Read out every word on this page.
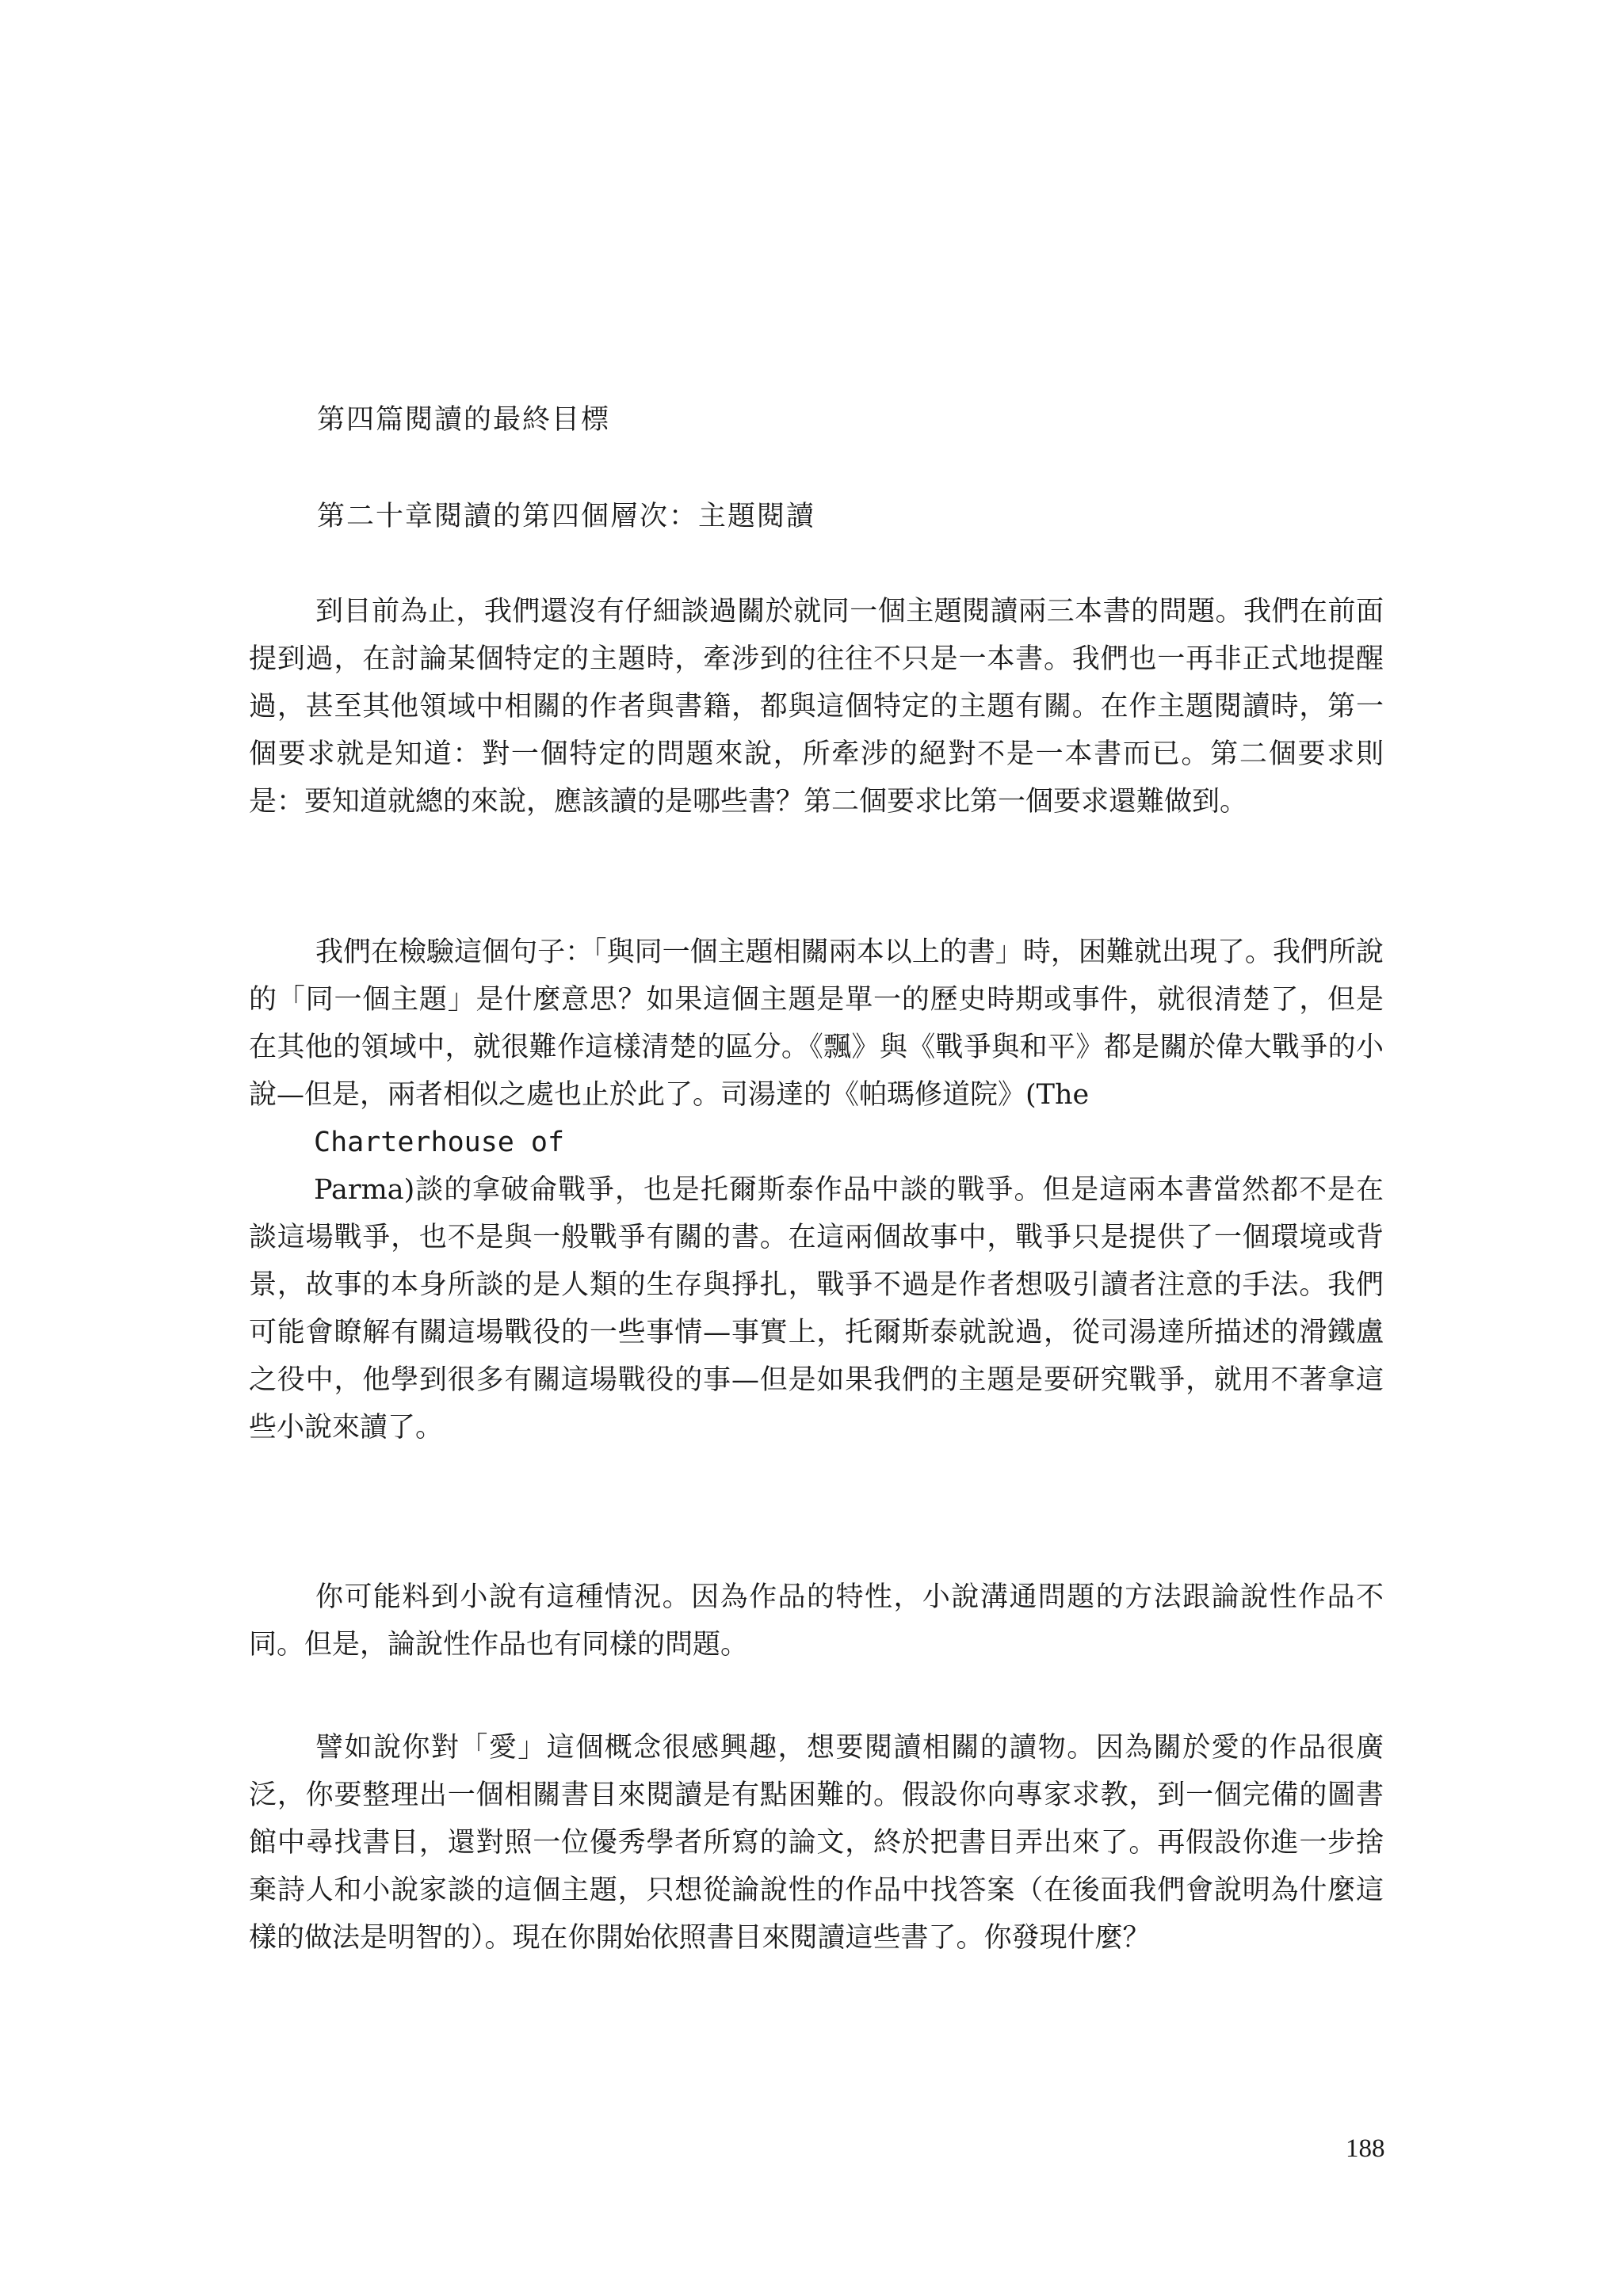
第四篇閱讀的最終目標
第二十章閱讀的第四個層次：主題閱讀

到目前為止，我們還沒有仔細談過關於就同一個主題閱讀兩三本書的問題。我們在前面提到過，在討論某個特定的主題時，牽涉到的往往不只是一本書。我們也一再非正式地提醒過，甚至其他領域中相關的作者與書籍，都與這個特定的主題有關。在作主題閱讀時，第一個要求就是知道：對一個特定的問題來說，所牽涉的絕對不是一本書而已。第二個要求則是：要知道就總的來說，應該讀的是哪些書？第二個要求比第一個要求還難做到。

我們在檢驗這個句子：「與同一個主題相關兩本以上的書」時，困難就出現了。我們所說的「同一個主題」是什麼意思？如果這個主題是單一的歷史時期或事件，就很清楚了，但是在其他的領域中，就很難作這樣清楚的區分。《飄》與《戰爭與和平》都是關於偉大戰爭的小說—但是，兩者相似之處也止於此了。司湯達的《帕瑪修道院》(The
Charterhouse of
Parma)談的拿破侖戰爭，也是托爾斯泰作品中談的戰爭。但是這兩本書當然都不是在談這場戰爭，也不是與一般戰爭有關的書。在這兩個故事中，戰爭只是提供了一個環境或背景，故事的本身所談的是人類的生存與掙扎，戰爭不過是作者想吸引讀者注意的手法。我們可能會瞭解有關這場戰役的一些事情—事實上，托爾斯泰就說過，從司湯達所描述的滑鐵盧之役中，他學到很多有關這場戰役的事—但是如果我們的主題是要研究戰爭，就用不著拿這些小說來讀了。

你可能料到小說有這種情況。因為作品的特性，小說溝通問題的方法跟論說性作品不同。但是，論說性作品也有同樣的問題。

譬如說你對「愛」這個概念很感興趣，想要閱讀相關的讀物。因為關於愛的作品很廣泛，你要整理出一個相關書目來閱讀是有點困難的。假設你向專家求教，到一個完備的圖書館中尋找書目，還對照一位優秀學者所寫的論文，終於把書目弄出來了。再假設你進一步捨棄詩人和小說家談的這個主題，只想從論說性的作品中找答案（在後面我們會說明為什麼這樣的做法是明智的）。現在你開始依照書目來閱讀這些書了。你發現什麼？

188
